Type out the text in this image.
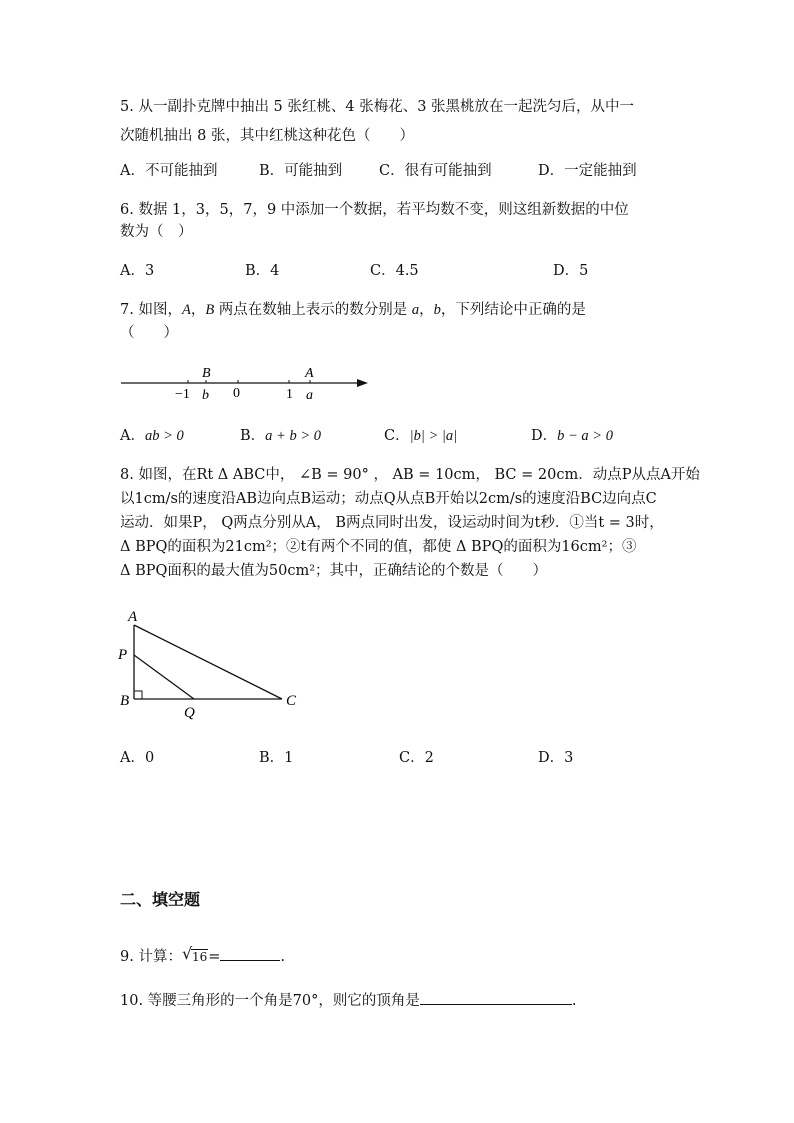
5. 从一副扑克牌中抽出 5 张红桃、4 张梅花、3 张黑桃放在一起洗匀后，从中一
次随机抽出 8 张，其中红桃这种花色（　　）
A．不可能抽到	B．可能抽到	C．很有可能抽到	D．一定能抽到
6. 数据 1，3，5，7，9 中添加一个数据，若平均数不变，则这组新数据的中位
数为（　）
A．3	B．4	C．4.5	D．5
7. 如图，A，B 两点在数轴上表示的数分别是 a，b，下列结论中正确的是
（　　）
B	A
−1 b 0	1 a
A．ab > 0	B．a + b > 0	C．|b| > |a|	D．b − a > 0
8. 如图，在Rt Δ ABC中， ∠B = 90° ， AB = 10cm， BC = 20cm．动点P从点A开始
以1cm/s的速度沿AB边向点B运动；动点Q从点B开始以2cm/s的速度沿BC边向点C
运动．如果P， Q两点分别从A， B两点同时出发，设运动时间为t秒．①当t = 3时，
Δ BPQ的面积为21cm²；②t有两个不同的值，都使 Δ BPQ的面积为16cm²；③
Δ BPQ面积的最大值为50cm²；其中，正确结论的个数是（　　）
A
P
B
Q
C
A．0	B．1	C．2	D．3
二、填空题
9. 计算： √ 16=	.
10. 等腰三角形的一个角是70°，则它的顶角是	.
